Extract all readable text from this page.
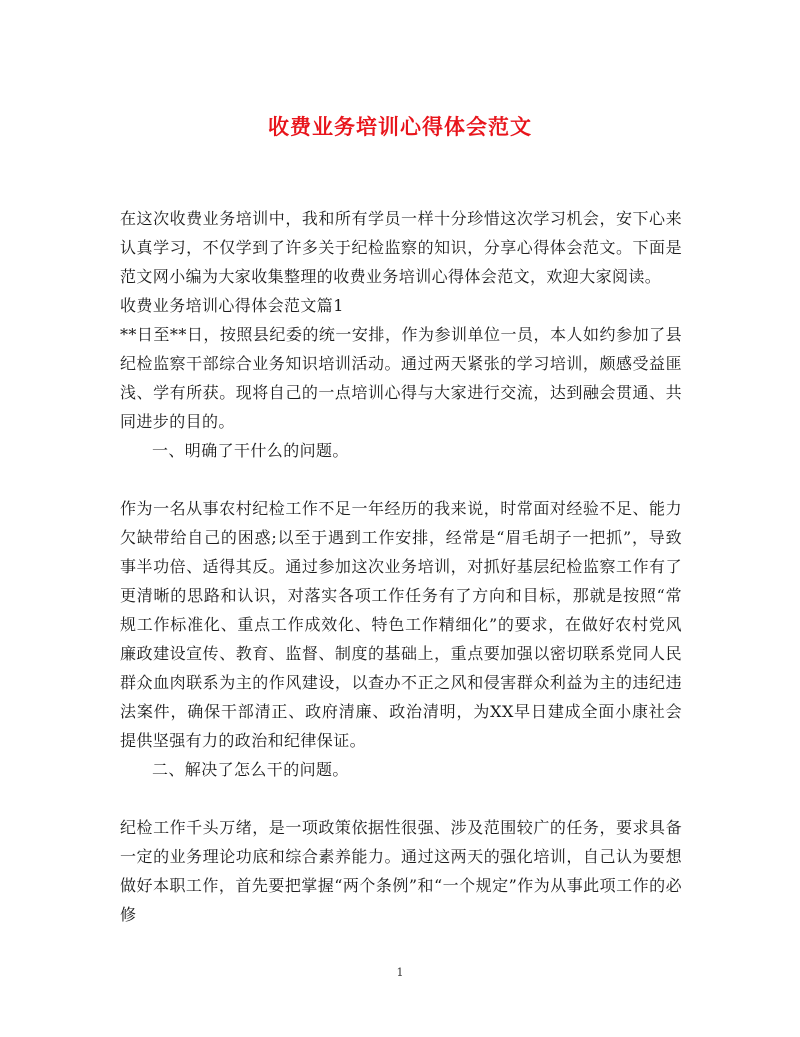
收费业务培训心得体会范文

在这次收费业务培训中，我和所有学员一样十分珍惜这次学习机会，安下心来认真学习，不仅学到了许多关于纪检监察的知识，分享心得体会范文。下面是范文网小编为大家收集整理的收费业务培训心得体会范文，欢迎大家阅读。

收费业务培训心得体会范文篇1

**日至**日，按照县纪委的统一安排，作为参训单位一员，本人如约参加了县纪检监察干部综合业务知识培训活动。通过两天紧张的学习培训，颇感受益匪浅、学有所获。现将自己的一点培训心得与大家进行交流，达到融会贯通、共同进步的目的。

一、明确了干什么的问题。

作为一名从事农村纪检工作不足一年经历的我来说，时常面对经验不足、能力欠缺带给自己的困惑;以至于遇到工作安排，经常是“眉毛胡子一把抓”，导致事半功倍、适得其反。通过参加这次业务培训，对抓好基层纪检监察工作有了更清晰的思路和认识，对落实各项工作任务有了方向和目标，那就是按照“常规工作标准化、重点工作成效化、特色工作精细化”的要求，在做好农村党风廉政建设宣传、教育、监督、制度的基础上，重点要加强以密切联系党同人民群众血肉联系为主的作风建设，以查办不正之风和侵害群众利益为主的违纪违法案件，确保干部清正、政府清廉、政治清明，为XX早日建成全面小康社会提供坚强有力的政治和纪律保证。

二、解决了怎么干的问题。

纪检工作千头万绪，是一项政策依据性很强、涉及范围较广的任务，要求具备一定的业务理论功底和综合素养能力。通过这两天的强化培训，自己认为要想做好本职工作，首先要把掌握“两个条例”和“一个规定”作为从事此项工作的必修

1
